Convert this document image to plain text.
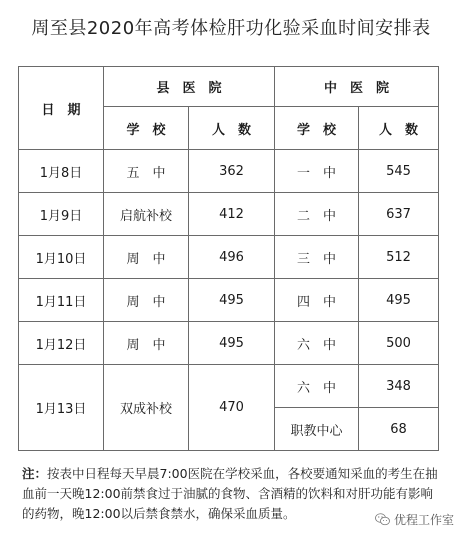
周至县2020年高考体检肝功化验采血时间安排表
日　期	县　医　院		中　医　院	
	学　校	人　数	学　校	人　数
1月8日	五　中	362	一　中	545
1月9日	启航补校	412	二　中	637
1月10日	周　中	496	三　中	512
1月11日	周　中	495	四　中	495
1月12日	周　中	495	六　中	500
1月13日	双成补校	470	六　中	348
			职教中心	68
注：按表中日程每天早晨7:00医院在学校采血，各校要通知采血的考生在抽血前一天晚12:00前禁食过于油腻的食物、含酒精的饮料和对肝功能有影响的药物，晚12:00以后禁食禁水，确保采血质量。	优程工作室
